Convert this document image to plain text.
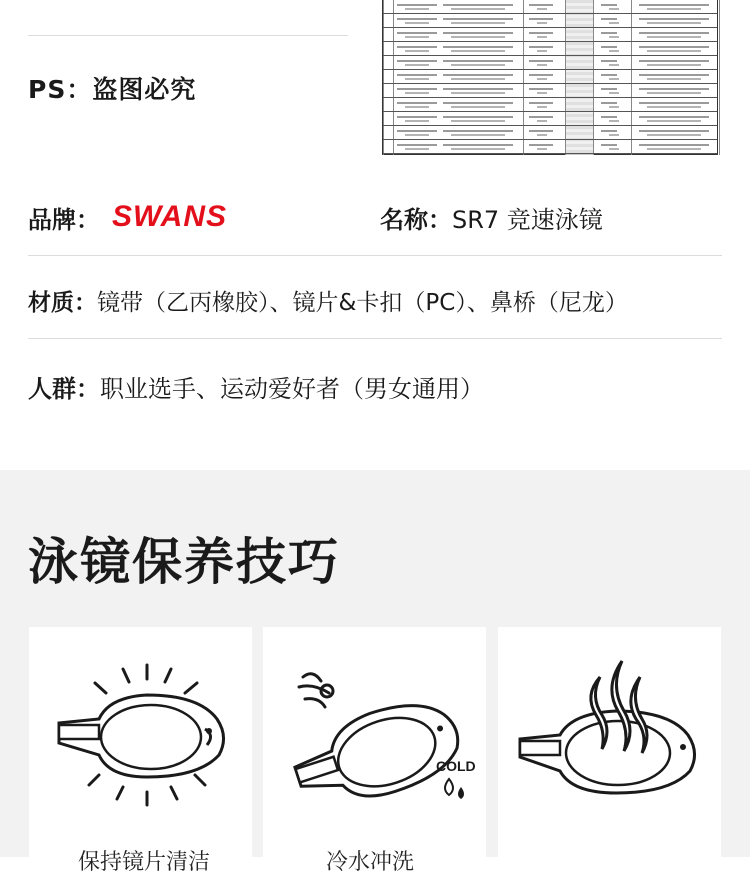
PS：盗图必究
品牌： SWANS	名称：SR7 竞速泳镜
材质：镜带（乙丙橡胶）、镜片&卡扣（PC）、鼻桥（尼龙）
人群：职业选手、运动爱好者（男女通用）
泳镜保养技巧
保持镜片清洁
COLD
冷水冲洗
